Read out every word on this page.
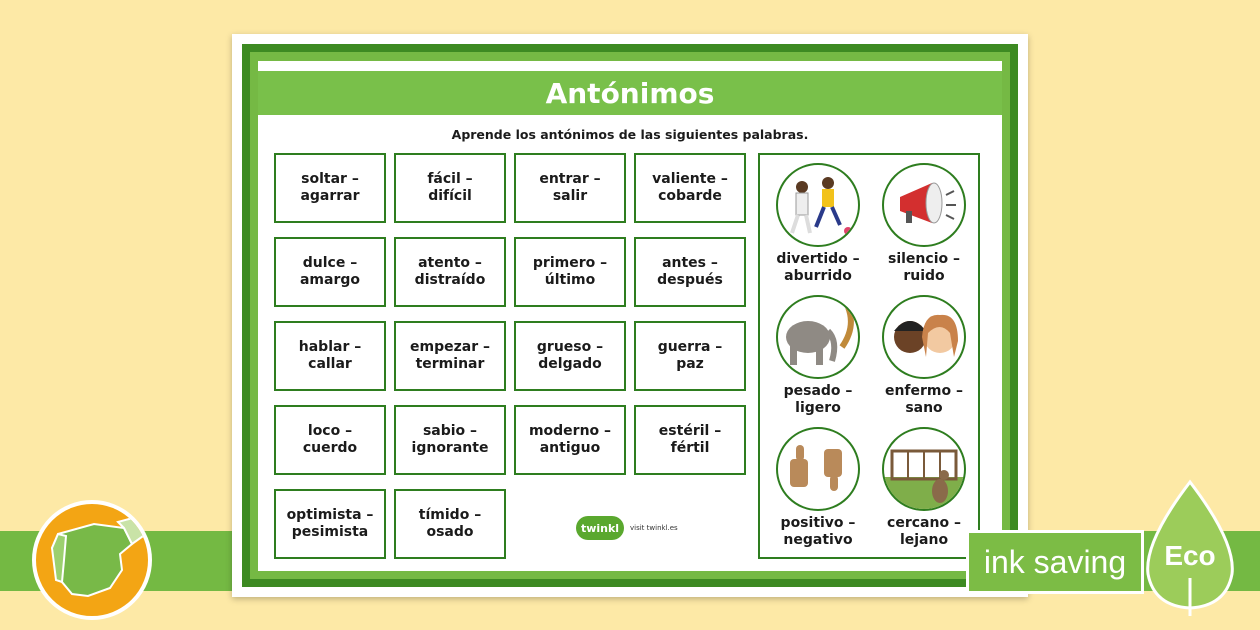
Antónimos
Aprende los antónimos de las siguientes palabras.
soltar –
agarrar
fácil –
difícil
entrar –
salir
valiente –
cobarde
dulce –
amargo
atento –
distraído
primero –
último
antes –
después
hablar –
callar
empezar –
terminar
grueso –
delgado
guerra –
paz
loco –
cuerdo
sabio –
ignorante
moderno –
antiguo
estéril –
fértil
optimista –
pesimista
tímido –
osado	twinkl	visit twinkl.es
divertido –
aburrido
silencio –
ruido
pesado –
ligero
enfermo –
sano
positivo –
negativo
cercano –
lejano
ink saving	Eco
